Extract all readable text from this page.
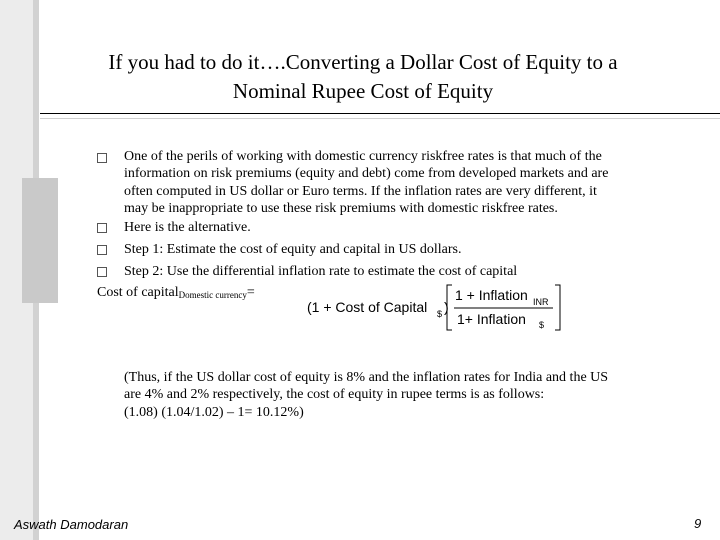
If you had to do it….Converting a Dollar Cost of Equity to a
Nominal Rupee Cost of Equity
One of the perils of working with domestic currency riskfree rates is that much of the
information on risk premiums (equity and debt) come from developed markets and are
often computed in US dollar or Euro terms. If the inflation rates are very different, it
may be inappropriate to use these risk premiums with domestic riskfree rates.
Here is the alternative.
Step 1: Estimate the cost of equity and capital in US dollars.
Step 2: Use the differential inflation rate to estimate the cost of capital
Cost of capital$_{Domestic currency}$=
(1 + Cost of Capital $ )
1 + Inflation INR
1+ Inflation $
(Thus, if the US dollar cost of equity is 8% and the inflation rates for India and the US
are 4% and 2% respectively, the cost of equity in rupee terms is as follows:
(1.08) (1.04/1.02) – 1= 10.12%)
Aswath Damodaran	9
